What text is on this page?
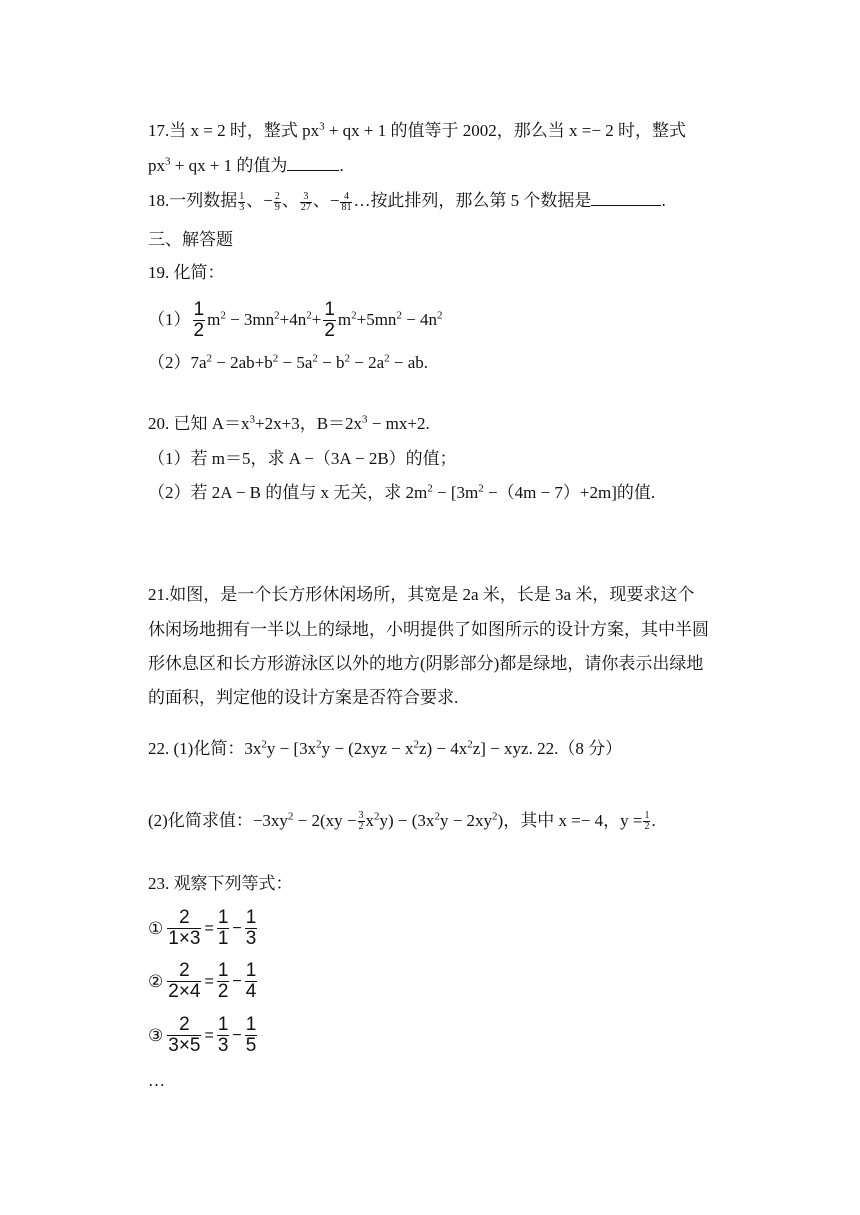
17.当 x = 2 时，整式 $px^3$ + qx + 1 的值等于 2002，那么当 x =− 2 时，整式
$px^3$ + qx + 1 的值为	.
18.一列数据 $\frac{1}{3}$ 、− $\frac{2}{9}$ 、 $\frac{3}{27}$ 、− $\frac{4}{81}$ …按此排列，那么第 5 个数据是	.
三、解答题
19. 化简：
$(1) \frac{1}{2} m^2 - 3mn^2+4n^2+ \frac{1}{2} m^2+5mn^2 - 4n^2$
$(2)7a^2 - 2ab+b^2 - 5a^2 - b^2 - 2a^2$ − ab.
20. 已知 $A=x^3+2x+3$，$B=2x^3 - mx+2$.
（1）若 m＝5，求 A −（3A − 2B）的值；
（2）若 2A − B 的值与 x 无关，求 $2m^2 - [3m^2 -(4m - 7)+2m]$的值.
21.如图，是一个长方形休闲场所，其宽是 2a 米，长是 3a 米，现要求这个
休闲场地拥有一半以上的绿地，小明提供了如图所示的设计方案，其中半圆
形休息区和长方形游泳区以外的地方(阴影部分)都是绿地，请你表示出绿地
的面积，判定他的设计方案是否符合要求.
22. (1)化简：$3x^2y - [3x^2y - (2xyz - x^2z) - 4x^2z]$ − xyz. 22.（8 分）
(2)化简求值：$-3xy^2 - 2(xy - \frac{3}{2} x^2y) - (3x^2y - 2xy^2)$，其中 x =− 4，$y = \frac{1}{2}$ .
23. 观察下列等式：
① $\frac{2}{1\times 3} = \frac{1}{1} - \frac{1}{3}$
② $\frac{2}{2\times 4} = \frac{1}{2} - \frac{1}{4}$
③ $\frac{2}{3\times 5} = \frac{1}{3} - \frac{1}{5}$
…
